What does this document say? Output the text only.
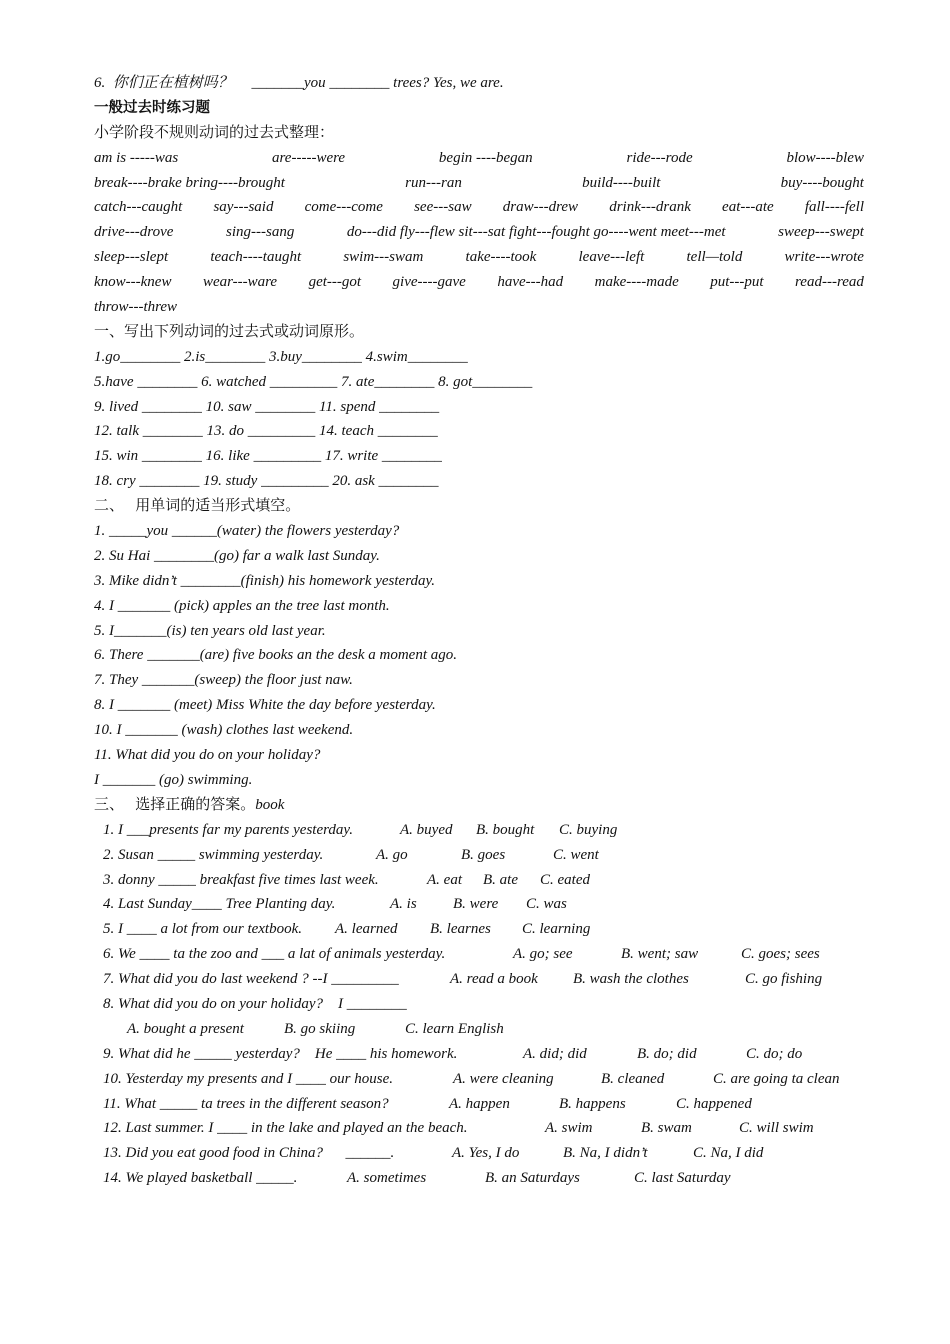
6.  你们正在植树吗？     _______you ________ trees? Yes, we are.
一般过去时练习题
小学阶段不规则动词的过去式整理：
am is -----was	are-----were	begin ----began	ride---rode	blow----blew
break----brake bring----brought	run---ran	build----built	buy----bought
catch---caught say---said come---come see---saw draw---drew drink---drank eat---ate fall----fell
drive---drove	sing---sang	do---did fly---flew sit---sat fight---fought go----went meet---met	sweep---swept
sleep---slept	teach----taught	swim---swam	take----took	leave---left	tell—told	write---wrote
know---knew wear---ware get---got give----gave have---had make----made put---put read---read
throw---threw
一、写出下列动词的过去式或动词原形。
1.go________ 2.is________ 3.buy________ 4.swim________
5.have ________ 6. watched _________ 7. ate________ 8. got________
9. lived ________ 10. saw ________ 11. spend ________
12. talk ________ 13. do _________ 14. teach ________
15. win ________ 16. like _________ 17. write ________
18. cry ________ 19. study _________ 20. ask ________
二、   用单词的适当形式填空。
1. _____you ______(water) the flowers yesterday?
2. Su Hai ________(go) far a walk last Sunday.
3. Mike didn’t ________(finish) his homework yesterday.
4. I _______ (pick) apples an the tree last month.
5. I_______(is) ten years old last year.
6. There _______(are) five books an the desk a moment ago.
7. They _______(sweep) the floor just naw.
8. I _______ (meet) Miss White the day before yesterday.
10. I _______ (wash) clothes last weekend.
11. What did you do on your holiday?
I _______ (go) swimming.
三、   选择正确的答案。book
1. I ___presents far my parents yesterday.	A. buyed B. bought C. buying
2. Susan _____ swimming yesterday.	A. go	B. goes	C. went
3. donny _____ breakfast five times last week.	A. eat B. ate C. eated
4. Last Sunday____ Tree Planting day.	A. is B. were C. was
5. I ____ a lot from our textbook. A. learned B. learnes C. learning
6. We ____ ta the zoo and ___ a lat of animals yesterday.	A. go; see	B. went; saw	C. goes; sees
7. What did you do last weekend ? --I _________	A. read a book B. wash the clothes	C. go fishing
8. What did you do on your holiday?    I ________
A. bought a present	B. go skiing	C. learn English
9. What did he _____ yesterday?    He ____ his homework.	A. did; did	B. do; did	C. do; do
10. Yesterday my presents and I ____ our house.	A. were cleaning	B. cleaned	C. are going ta clean
11. What _____ ta trees in the different season?	A. happen	B. happens	C. happened
12. Last summer. I ____ in the lake and played an the beach.	A. swim	B. swam	C. will swim
13. Did you eat good food in China?      ______.	A. Yes, I do	B. Na, I didn’t	C. Na, I did
14. We played basketball _____.	A. sometimes	B. an Saturdays	C. last Saturday
